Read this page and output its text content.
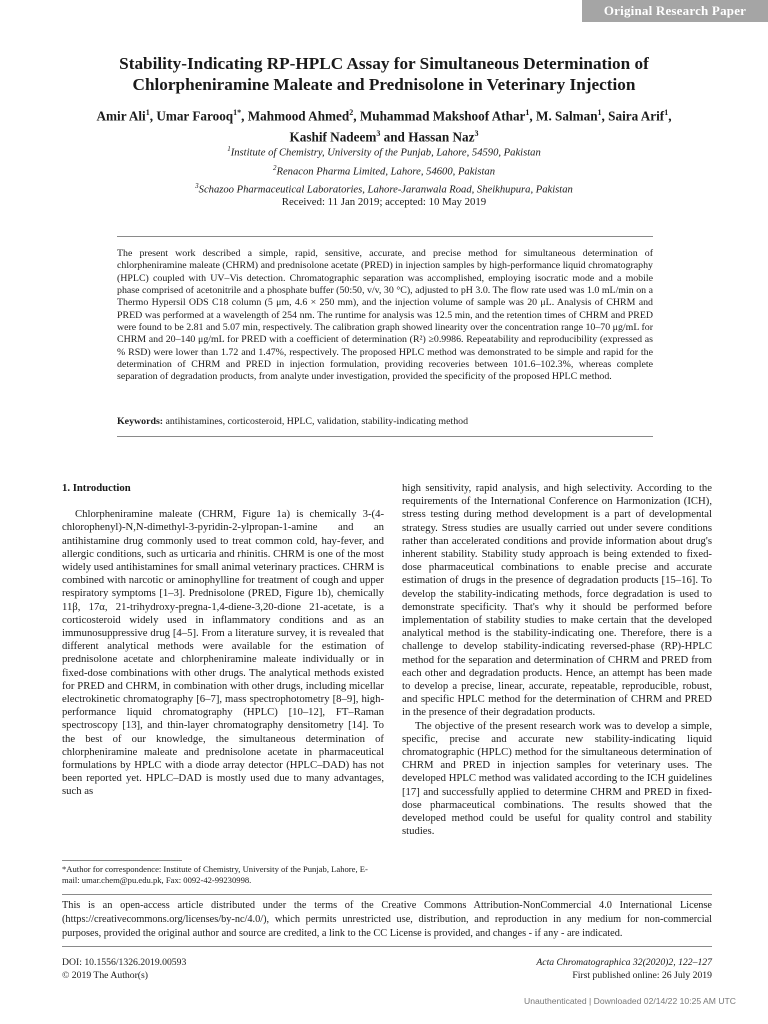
Original Research Paper
Stability-Indicating RP-HPLC Assay for Simultaneous Determination of Chlorpheniramine Maleate and Prednisolone in Veterinary Injection
Amir Ali$^1$, Umar Farooq$^{1*}$, Mahmood Ahmed$^2$, Muhammad Makshoof Athar$^1$, M. Salman$^1$, Saira Arif$^1$,
Kashif Nadeem$^3$ and Hassan Naz$^3$
$^1$Institute of Chemistry, University of the Punjab, Lahore, 54590, Pakistan
$^2$Renacon Pharma Limited, Lahore, 54600, Pakistan
$^3$Schazoo Pharmaceutical Laboratories, Lahore-Jaranwala Road, Sheikhupura, Pakistan
Received: 11 Jan 2019; accepted: 10 May 2019
The present work described a simple, rapid, sensitive, accurate, and precise method for simultaneous determination of chlorpheniramine maleate (CHRM) and prednisolone acetate (PRED) in injection samples by high-performance liquid chromatography (HPLC) coupled with UV–Vis detection. Chromatographic separation was accomplished, employing isocratic mode and a mobile phase comprised of acetonitrile and a phosphate buffer (50:50, v/v, 30 °C), adjusted to pH 3.0. The flow rate used was 1.0 mL/min on a Thermo Hypersil ODS C18 column (5 μm, 4.6 × 250 mm), and the injection volume of sample was 20 μL. Analysis of CHRM and PRED was performed at a wavelength of 254 nm. The runtime for analysis was 12.5 min, and the retention times of CHRM and PRED were found to be 2.81 and 5.07 min, respectively. The calibration graph showed linearity over the concentration range 10–70 μg/mL for CHRM and 20–140 μg/mL for PRED with a coefficient of determination (R²) ≥0.9986. Repeatability and reproducibility (expressed as % RSD) were lower than 1.72 and 1.47%, respectively. The proposed HPLC method was demonstrated to be simple and rapid for the determination of CHRM and PRED in injection formulation, providing recoveries between 101.6–102.3%, whereas complete separation of degradation products, from analyte under investigation, provided the specificity of the proposed HPLC method.
Keywords: antihistamines, corticosteroid, HPLC, validation, stability-indicating method
1. Introduction

Chlorpheniramine maleate (CHRM, Figure 1a) is chemically 3-(4-chlorophenyl)-N,N-dimethyl-3-pyridin-2-ylpropan-1-amine and an antihistamine drug commonly used to treat common cold, hay-fever, and allergic conditions, such as urticaria and rhinitis. CHRM is one of the most widely used antihistamines for small animal veterinary practices. CHRM is combined with narcotic or aminophylline for treatment of cough and upper respiratory symptoms [1–3]. Prednisolone (PRED, Figure 1b), chemically 11β, 17α, 21-trihydroxy-pregna-1,4-diene-3,20-dione 21-acetate, is a corticosteroid widely used in inflammatory conditions and as an immunosuppressive drug [4–5]. From a literature survey, it is revealed that different analytical methods were available for the estimation of prednisolone acetate and chlorpheniramine maleate individually or in fixed-dose combinations with other drugs. The analytical methods existed for PRED and CHRM, in combination with other drugs, including micellar electrokinetic chromatography [6–7], mass spectrophotometry [8–9], high-performance liquid chromatography (HPLC) [10–12], FT–Raman spectroscopy [13], and thin-layer chromatography densitometry [14]. To the best of our knowledge, the simultaneous determination of chlorpheniramine maleate and prednisolone acetate in pharmaceutical formulations by HPLC with a diode array detector (HPLC–DAD) has not been reported yet. HPLC–DAD is mostly used due to many advantages, such as

high sensitivity, rapid analysis, and high selectivity. According to the requirements of the International Conference on Harmonization (ICH), stress testing during method development is a part of developmental strategy. Stress studies are usually carried out under severe conditions rather than accelerated conditions and provide information about drug's inherent stability. Stability study approach is being extended to fixed-dose pharmaceutical combinations to enable precise and accurate estimation of drugs in the presence of degradation products [15–16]. To develop the stability-indicating methods, force degradation is used to demonstrate specificity. That's why it should be performed before implementation of stability studies to make certain that the developed analytical method is the stability-indicating one. Therefore, there is a challenge to develop stability-indicating reversed-phase (RP)-HPLC method for the separation and determination of CHRM and PRED from each other and degradation products. Hence, an attempt has been made to develop a precise, linear, accurate, repeatable, reproducible, robust, and specific HPLC method for the determination of CHRM and PRED in the presence of their degradation products.

The objective of the present research work was to develop a simple, specific, precise and accurate new stability-indicating liquid chromatographic (HPLC) method for the simultaneous determination of CHRM and PRED in injection samples for veterinary uses. The developed HPLC method was validated according to the ICH guidelines [17] and successfully applied to determine CHRM and PRED in fixed-dose pharmaceutical combinations. The results showed that the developed method could be useful for quality control and stability studies.

*Author for correspondence: Institute of Chemistry, University of the Punjab, Lahore, E-mail: umar.chem@pu.edu.pk, Fax: 0092-42-99230998.
This is an open-access article distributed under the terms of the Creative Commons Attribution-NonCommercial 4.0 International License (https://creativecommons.org/licenses/by-nc/4.0/), which permits unrestricted use, distribution, and reproduction in any medium for non-commercial purposes, provided the original author and source are credited, a link to the CC License is provided, and changes - if any - are indicated.
DOI: 10.1556/1326.2019.00593
© 2019 The Author(s)
Acta Chromatographica 32(2020)2, 122–127
First published online: 26 July 2019
Unauthenticated | Downloaded 02/14/22 10:25 AM UTC
